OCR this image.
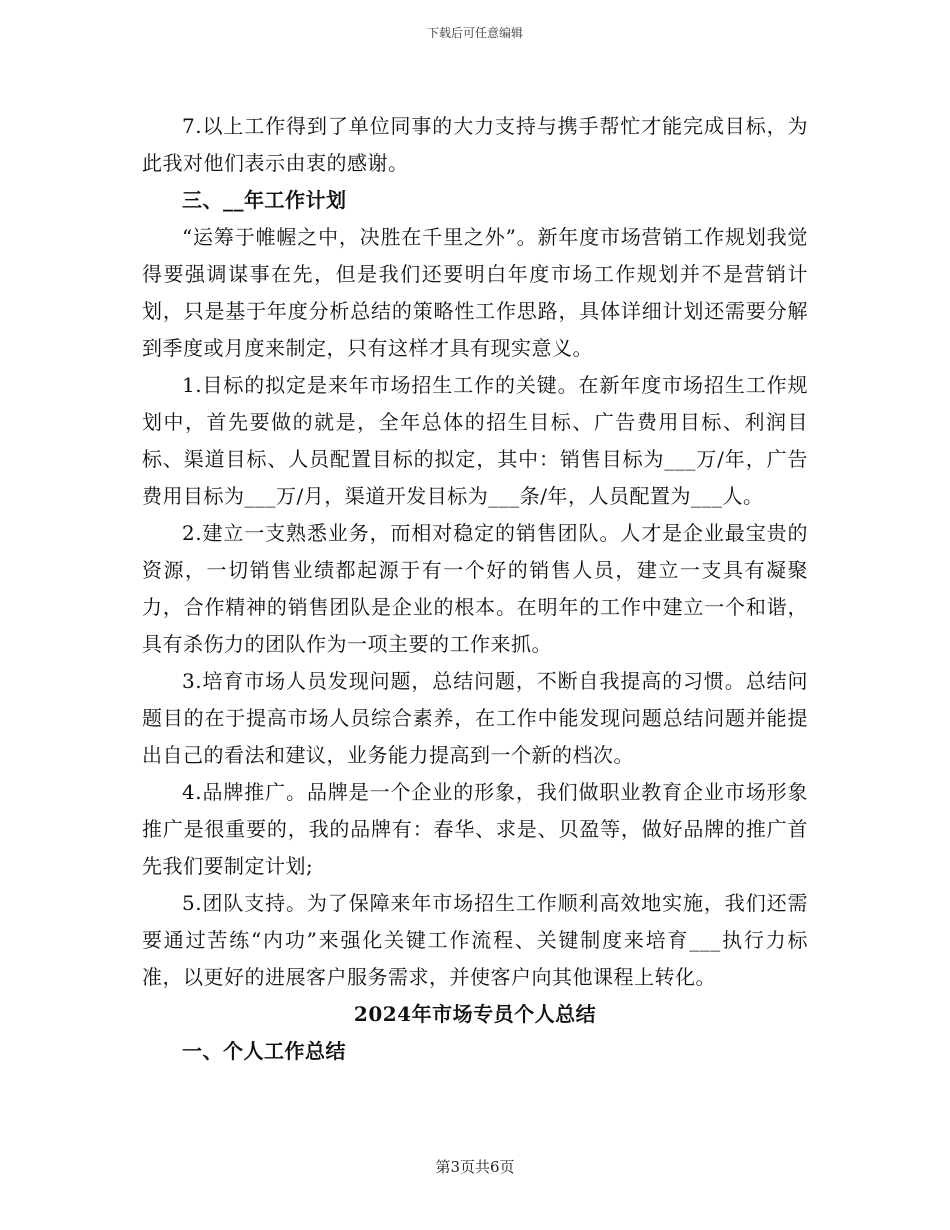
下载后可任意编辑

7.以上工作得到了单位同事的大力支持与携手帮忙才能完成目标，为此我对他们表示由衷的感谢。

三、__年工作计划

“运筹于帷幄之中，决胜在千里之外”。新年度市场营销工作规划我觉得要强调谋事在先，但是我们还要明白年度市场工作规划并不是营销计划，只是基于年度分析总结的策略性工作思路，具体详细计划还需要分解到季度或月度来制定，只有这样才具有现实意义。

1.目标的拟定是来年市场招生工作的关键。在新年度市场招生工作规划中，首先要做的就是，全年总体的招生目标、广告费用目标、利润目标、渠道目标、人员配置目标的拟定，其中：销售目标为___万/年，广告费用目标为___万/月，渠道开发目标为___条/年，人员配置为___人。

2.建立一支熟悉业务，而相对稳定的销售团队。人才是企业最宝贵的资源，一切销售业绩都起源于有一个好的销售人员，建立一支具有凝聚力，合作精神的销售团队是企业的根本。在明年的工作中建立一个和谐，具有杀伤力的团队作为一项主要的工作来抓。

3.培育市场人员发现问题，总结问题，不断自我提高的习惯。总结问题目的在于提高市场人员综合素养，在工作中能发现问题总结问题并能提出自己的看法和建议，业务能力提高到一个新的档次。

4.品牌推广。品牌是一个企业的形象，我们做职业教育企业市场形象推广是很重要的，我的品牌有：春华、求是、贝盈等，做好品牌的推广首先我们要制定计划;

5.团队支持。为了保障来年市场招生工作顺利高效地实施，我们还需要通过苦练“内功”来强化关键工作流程、关键制度来培育___执行力标准，以更好的进展客户服务需求，并使客户向其他课程上转化。

2024年市场专员个人总结

一、个人工作总结

第3页共6页
